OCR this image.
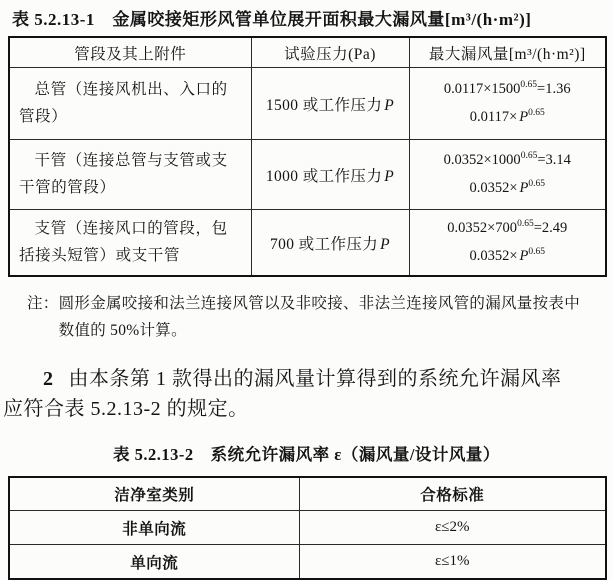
表 5.2.13-1　金属咬接矩形风管单位展开面积最大漏风量[m³/(h·m²)]
管段及其上附件	试验压力(Pa)	最大漏风量[m³/(h·m²)]
总管（连接风机出、入口的管段）	1500 或工作压力 P	$0.0117\times 1500^{0.65}=1.36$
$0.0117\times P^{0.65}$

干管（连接总管与支管或支干管的管段）	1000 或工作压力 P	$0.0352\times 1000^{0.65}=3.14$
$0.0352\times P^{0.65}$

支管（连接风口的管段，包括接头短管）或支干管	700 或工作压力 P	$0.0352\times 700^{0.65}=2.49$
$0.0352\times P^{0.65}$
注： 圆形金属咬接和法兰连接风管以及非咬接、非法兰连接风管的漏风量按表中
数值的 50%计算。

2 由本条第 1 款得出的漏风量计算得到的系统允许漏风率
应符合表 5.2.13-2 的规定。

表 5.2.13-2　系统允许漏风率 ε（漏风量/设计风量）
洁净室类别	合格标准
非单向流	ε≤2%
单向流	ε≤1%
